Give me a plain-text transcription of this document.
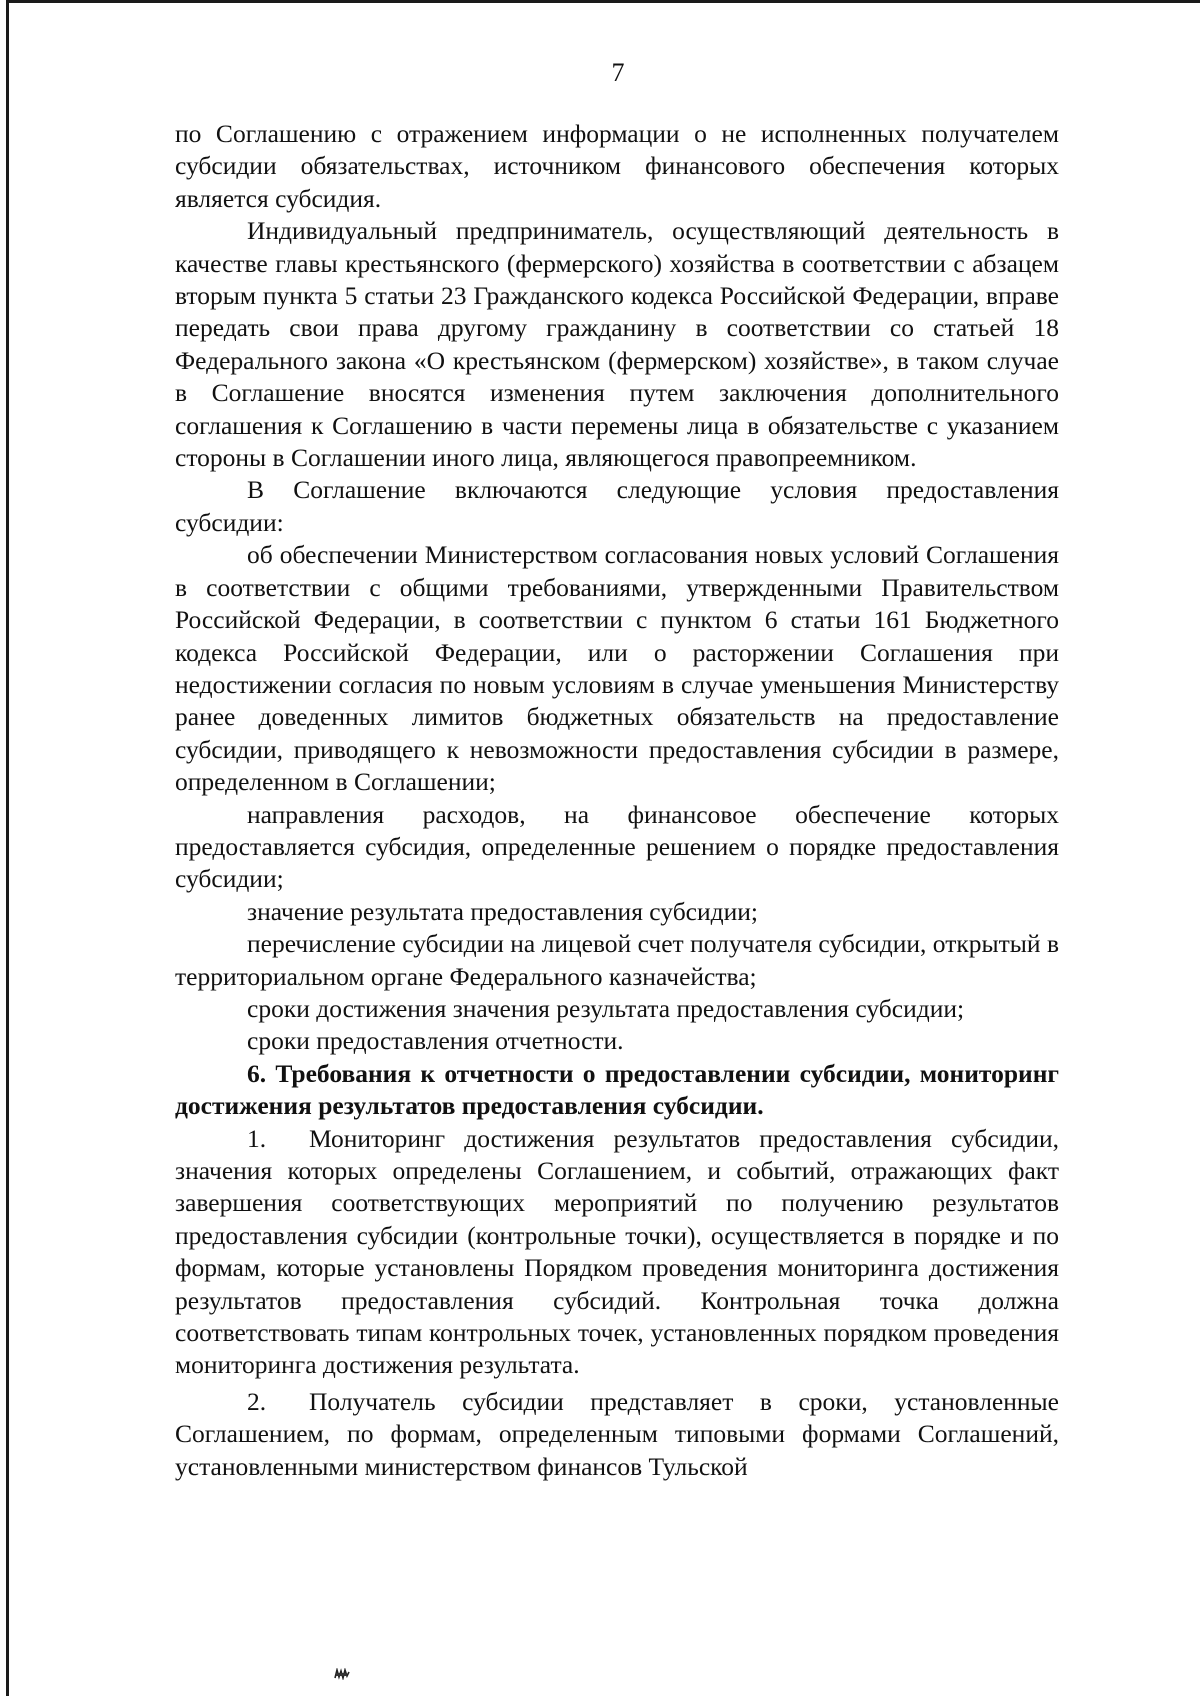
7

по Соглашению с отражением информации о не исполненных получателем субсидии обязательствах, источником финансового обеспечения которых является субсидия.

Индивидуальный предприниматель, осуществляющий деятельность в качестве главы крестьянского (фермерского) хозяйства в соответствии с абзацем вторым пункта 5 статьи 23 Гражданского кодекса Российской Федерации, вправе передать свои права другому гражданину в соответствии со статьей 18 Федерального закона «О крестьянском (фермерском) хозяйстве», в таком случае в Соглашение вносятся изменения путем заключения дополнительного соглашения к Соглашению в части перемены лица в обязательстве с указанием стороны в Соглашении иного лица, являющегося правопреемником.

В Соглашение включаются следующие условия предоставления субсидии:

об обеспечении Министерством согласования новых условий Соглашения в соответствии с общими требованиями, утвержденными Правительством Российской Федерации, в соответствии с пунктом 6 статьи 161 Бюджетного кодекса Российской Федерации, или о расторжении Соглашения при недостижении согласия по новым условиям в случае уменьшения Министерству ранее доведенных лимитов бюджетных обязательств на предоставление субсидии, приводящего к невозможности предоставления субсидии в размере, определенном в Соглашении;

направления расходов, на финансовое обеспечение которых предоставляется субсидия, определенные решением о порядке предоставления субсидии;

значение результата предоставления субсидии;

перечисление субсидии на лицевой счет получателя субсидии, открытый в территориальном органе Федерального казначейства;

сроки достижения значения результата предоставления субсидии;

сроки предоставления отчетности.

6. Требования к отчетности о предоставлении субсидии, мониторинг достижения результатов предоставления субсидии.

1. Мониторинг достижения результатов предоставления субсидии, значения которых определены Соглашением, и событий, отражающих факт завершения соответствующих мероприятий по получению результатов предоставления субсидии (контрольные точки), осуществляется в порядке и по формам, которые установлены Порядком проведения мониторинга достижения результатов предоставления субсидий. Контрольная точка должна соответствовать типам контрольных точек, установленных порядком проведения мониторинга достижения результата.

2. Получатель субсидии представляет в сроки, установленные Соглашением, по формам, определенным типовыми формами Соглашений, установленными министерством финансов Тульской
